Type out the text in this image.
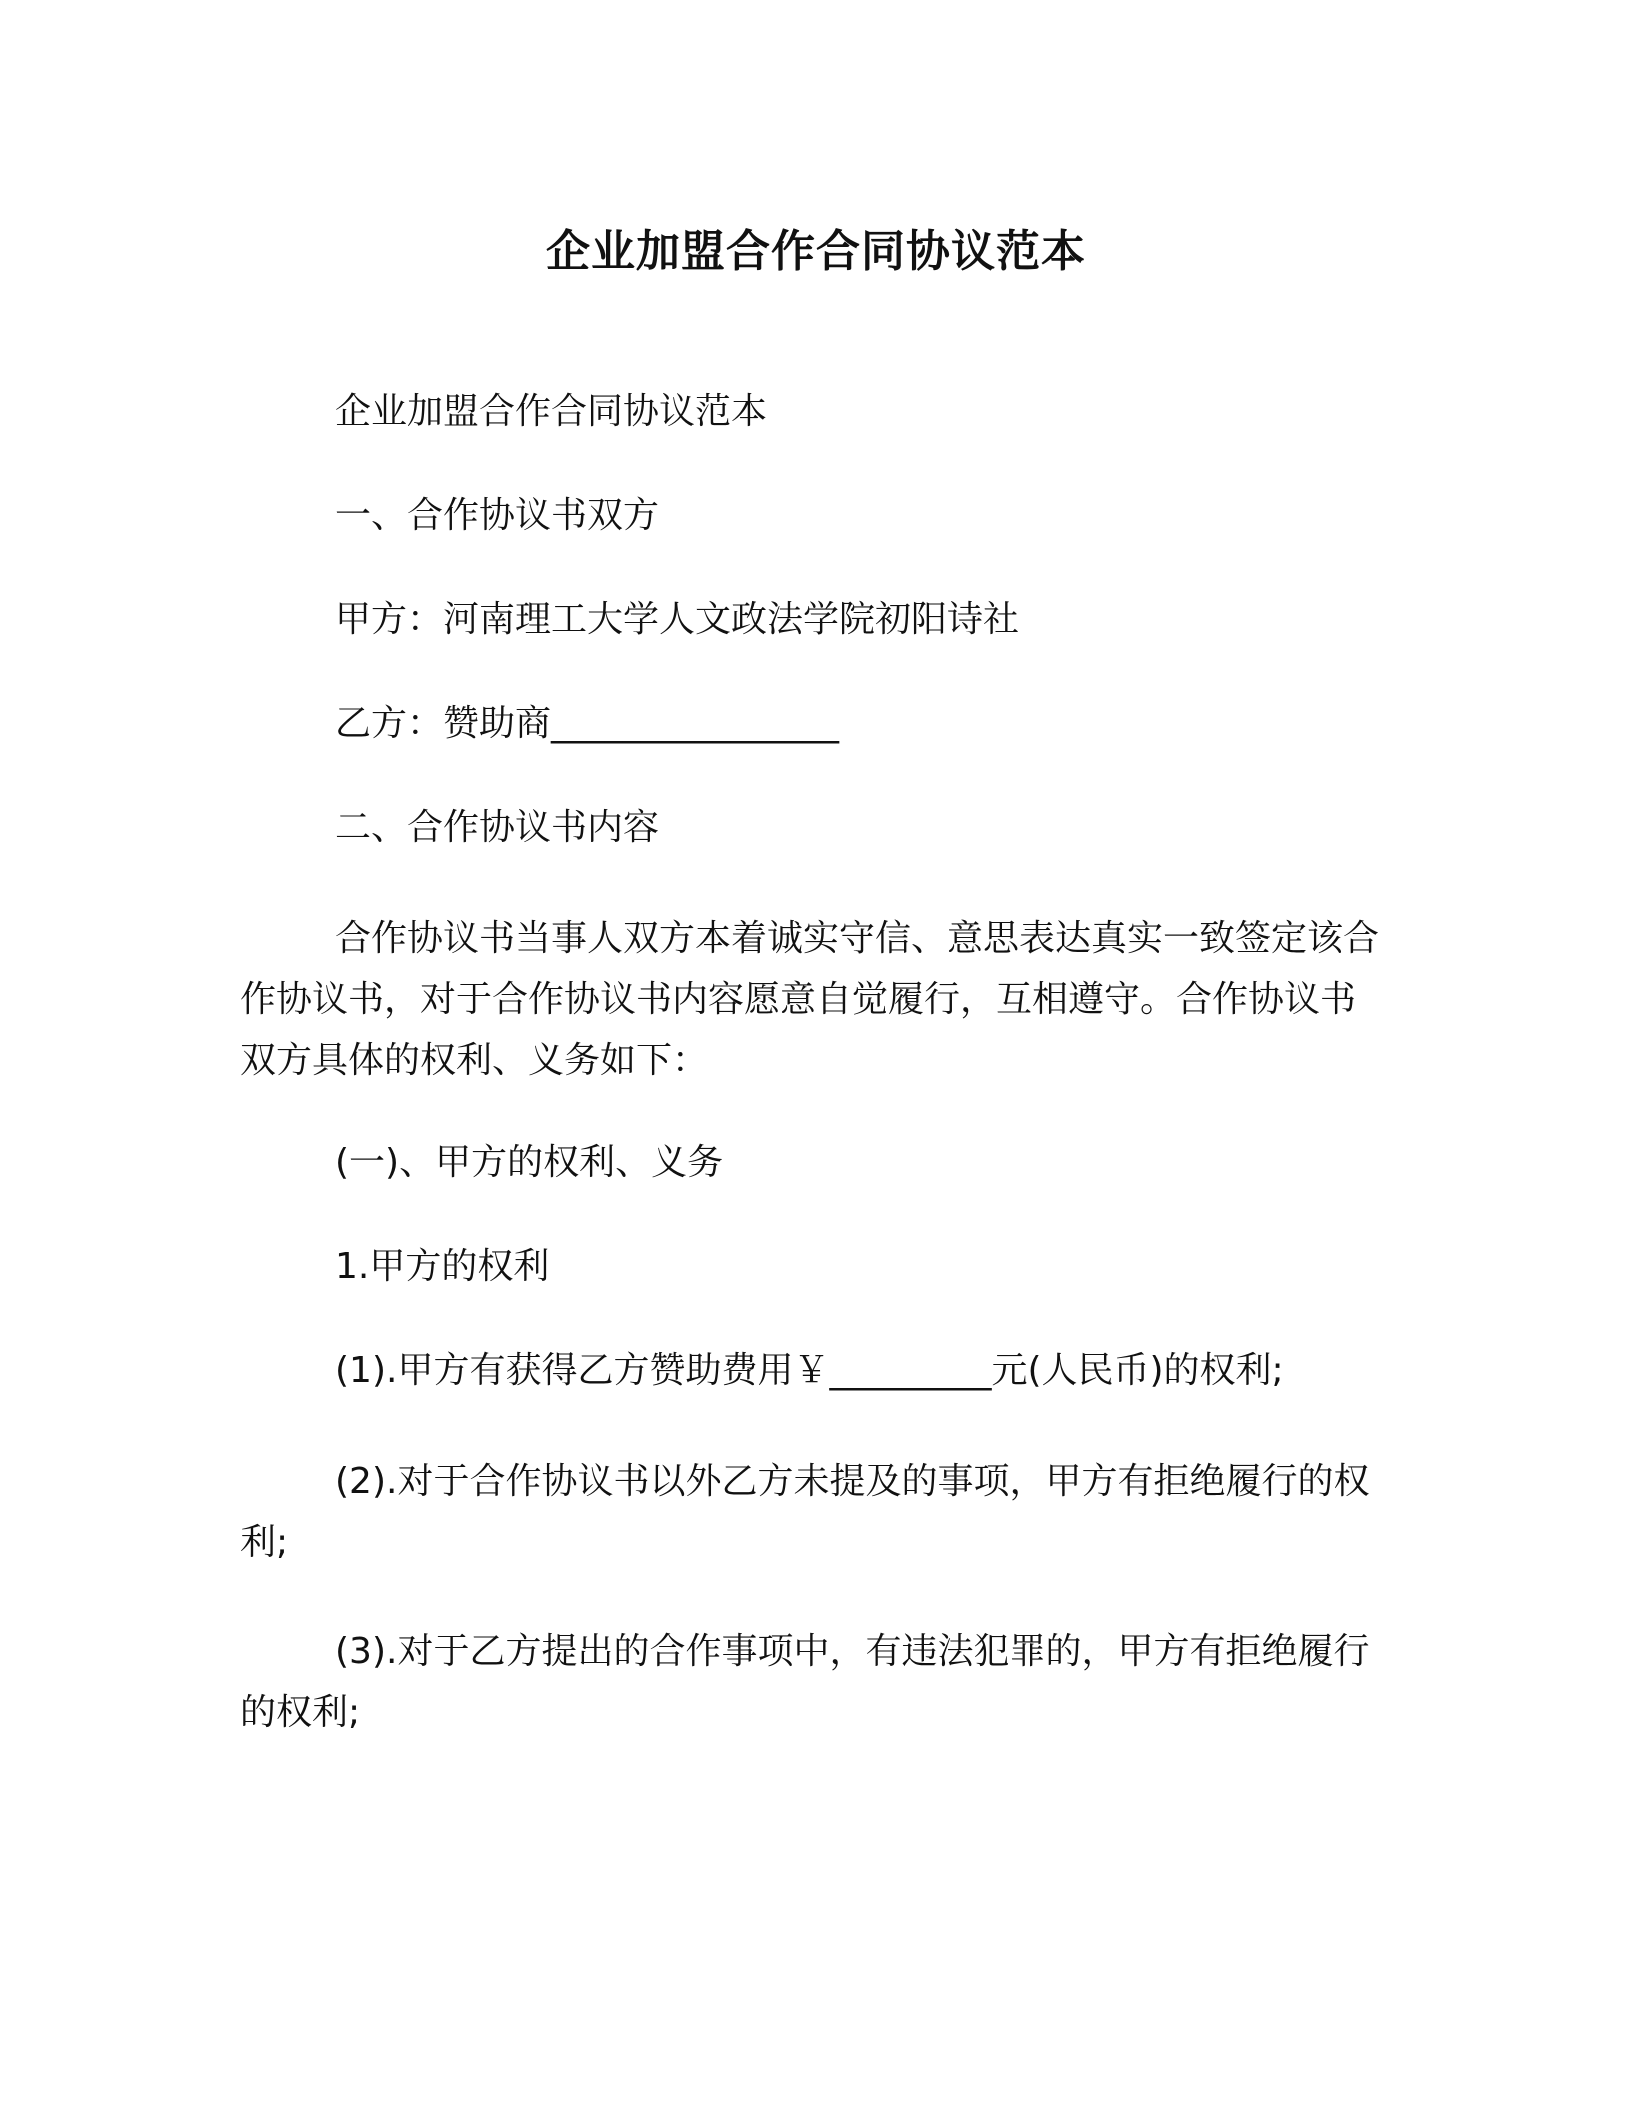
企业加盟合作合同协议范本

企业加盟合作合同协议范本

一、合作协议书双方

甲方：河南理工大学人文政法学院初阳诗社

乙方：赞助商________________

二、合作协议书内容

合作协议书当事人双方本着诚实守信、意思表达真实一致签定该合作协议书，对于合作协议书内容愿意自觉履行，互相遵守。合作协议书双方具体的权利、义务如下：

(一)、甲方的权利、义务

1.甲方的权利

(1).甲方有获得乙方赞助费用￥_________元(人民币)的权利;

(2).对于合作协议书以外乙方未提及的事项，甲方有拒绝履行的权利;

(3).对于乙方提出的合作事项中，有违法犯罪的，甲方有拒绝履行的权利;
